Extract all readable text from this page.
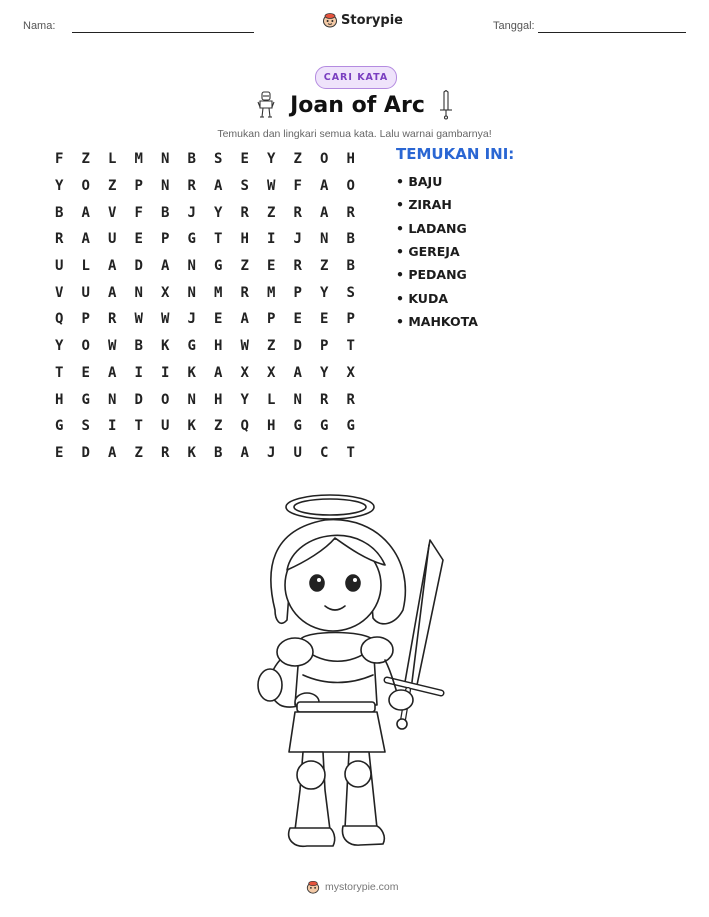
Nama:	Storypie	Tanggal:
CARI KATA
Joan of Arc
Temukan dan lingkari semua kata. Lalu warnai gambarnya!
F	Z	L	M	N	B	S	E	Y	Z	O	H
Y	O	Z	P	N	R	A	S	W	F	A	O
B	A	V	F	B	J	Y	R	Z	R	A	R
R	A	U	E	P	G	T	H	I	J	N	B
U	L	A	D	A	N	G	Z	E	R	Z	B
V	U	A	N	X	N	M	R	M	P	Y	S
Q	P	R	W	W	J	E	A	P	E	E	P
Y	O	W	B	K	G	H	W	Z	D	P	T
T	E	A	I	I	K	A	X	X	A	Y	X
H	G	N	D	O	N	H	Y	L	N	R	R
G	S	I	T	U	K	Z	Q	H	G	G	G
E	D	A	Z	R	K	B	A	J	U	C	T
TEMUKAN INI:
• BAJU
• ZIRAH
• LADANG
• GEREJA
• PEDANG
• KUDA
• MAHKOTA
mystorypie.com
